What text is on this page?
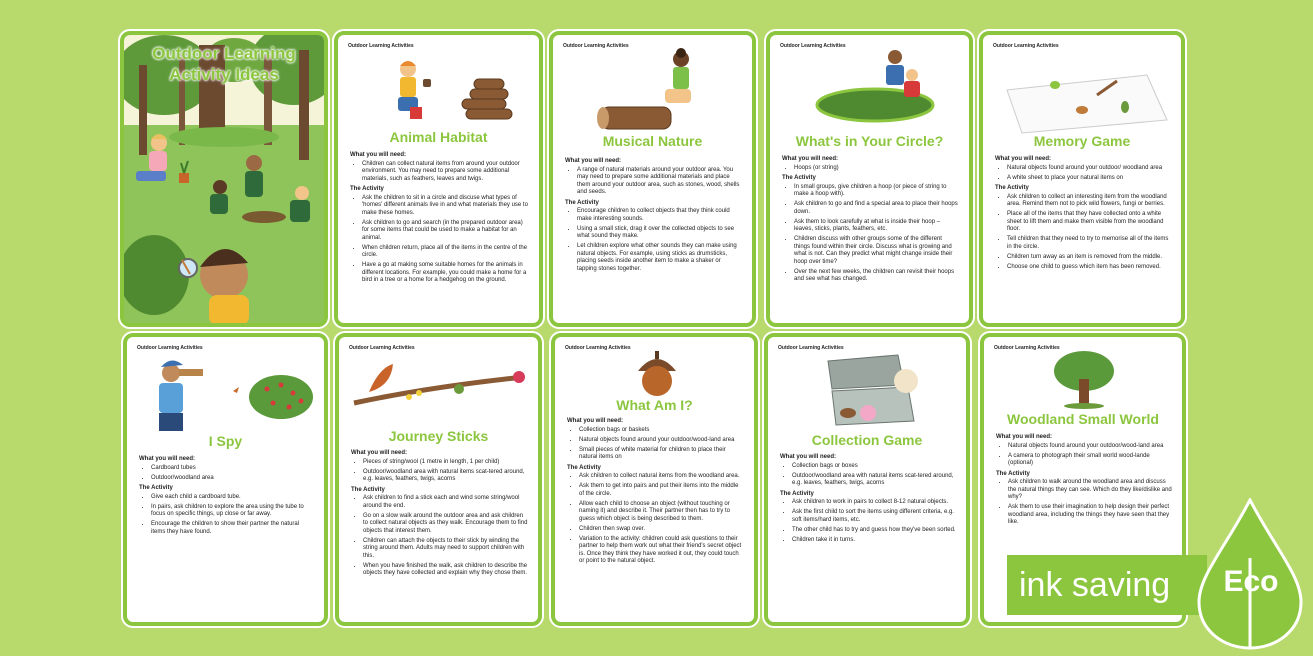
Outdoor Learning
Activity Ideas
Outdoor Learning Activities
Animal Habitat
What you will need:
• Children can collect natural items from around your outdoor environment. You may need to prepare some additional materials, such as feathers, leaves and twigs.
The Activity
• Ask the children to sit in a circle and discuse what types of 'homes' different animals live in and what materials they use to make these homes.
• Ask children to go and search (in the prepared outdoor area) for some items that could be used to make a habitat for an animal.
• When children return, place all of the items in the centre of the circle.
• Have a go at making some suitable homes for the animals in different locations. For example, you could make a home for a bird in a tree or a home for a hedgehog on the ground.
Outdoor Learning Activities
Musical Nature
What you will need:
• A range of natural materials around your outdoor area. You may need to prepare some additional materials and place them around your outdoor area, such as stones, wood, shells and seeds.
The Activity
• Encourage children to collect objects that they think could make interesting sounds.
• Using a small stick, drag it over the collected objects to see what sound they make.
• Let children explore what other sounds they can make using natural objects. For example, using sticks as drumsticks, placing seeds inside another item to make a shaker or tapping stones together.
Outdoor Learning Activities
What's in Your Circle?
What you will need:
• Hoops (or string)
The Activity
• In small groups, give children a hoop (or piece of string to make a hoop with).
• Ask children to go and find a special area to place their hoops down.
• Ask them to look carefully at what is inside their hoop – leaves, sticks, plants, feathers, etc.
• Children discuss with other groups some of the different things found within their circle. Discuss what is growing and what is not. Can they predict what might change inside their hoop over time?
• Over the next few weeks, the children can revisit their hoops and see what has changed.
Outdoor Learning Activities
Memory Game
What you will need:
• Natural objects found around your outdoor/ woodland area
• A white sheet to place your natural items on
The Activity
• Ask children to collect an interesting item from the woodland area. Remind them not to pick wild flowers, fungi or berries.
• Place all of the items that they have collected onto a white sheet to lift them and make them visible from the woodland floor.
• Tell children that they need to try to memorise all of the items in the circle.
• Children turn away as an item is removed from the middle.
• Choose one child to guess which item has been removed.
Outdoor Learning Activities
I Spy
What you will need:
• Cardboard tubes
• Outdoor/woodland area
The Activity
• Give each child a cardboard tube.
• In pairs, ask children to explore the area using the tube to focus on specific things, up close or far away.
• Encourage the children to show their partner the natural items they have found.
Outdoor Learning Activities
Journey Sticks
What you will need:
• Pieces of string/wool (1 metre in length, 1 per child)
• Outdoor/woodland area with natural items scat-tered around, e.g. leaves, feathers, twigs, acorns
The Activity
• Ask children to find a stick each and wind some string/wool around the end.
• Go on a slow walk around the outdoor area and ask children to collect natural objects as they walk. Encourage them to find objects that interest them.
• Children can attach the objects to their stick by winding the string around them. Adults may need to support children with this.
• When you have finished the walk, ask children to describe the objects they have collected and explain why they chose them.
Outdoor Learning Activities
What Am I?
What you will need:
• Collection bags or baskets
• Natural objects found around your outdoor/wood-land area
• Small pieces of white material for children to place their natural items on
The Activity
• Ask children to collect natural items from the woodland area.
• Ask them to get into pairs and put their items into the middle of the circle.
• Allow each child to choose an object (without touching or naming it) and describe it. Their partner then has to try to guess which object is being described to them.
• Children then swap over.
• Variation to the activity: children could ask questions to their partner to help them work out what their friend's secret object is. Once they think they have worked it out, they could touch or point to the natural object.
Outdoor Learning Activities
Collection Game
What you will need:
• Collection bags or boxes
• Outdoor/woodland area with natural items scat-tered around, e.g. leaves, feathers, twigs, acorns
The Activity
• Ask children to work in pairs to collect 8-12 natural objects.
• Ask the first child to sort the items using different criteria, e.g. soft items/hard items, etc.
• The other child has to try and guess how they've been sorted.
• Children take it in turns.
Outdoor Learning Activities
Woodland Small World
What you will need:
• Natural objects found around your outdoor/wood-land area
• A camera to photograph their small world wood-lande (optional)
The Activity
• Ask children to walk around the woodland area and discuss the natural things they can see. Which do they like/dislike and why?
• Ask them to use their imagination to help design their perfect woodland area, including the things they have seen that they like.
ink saving	Eco
